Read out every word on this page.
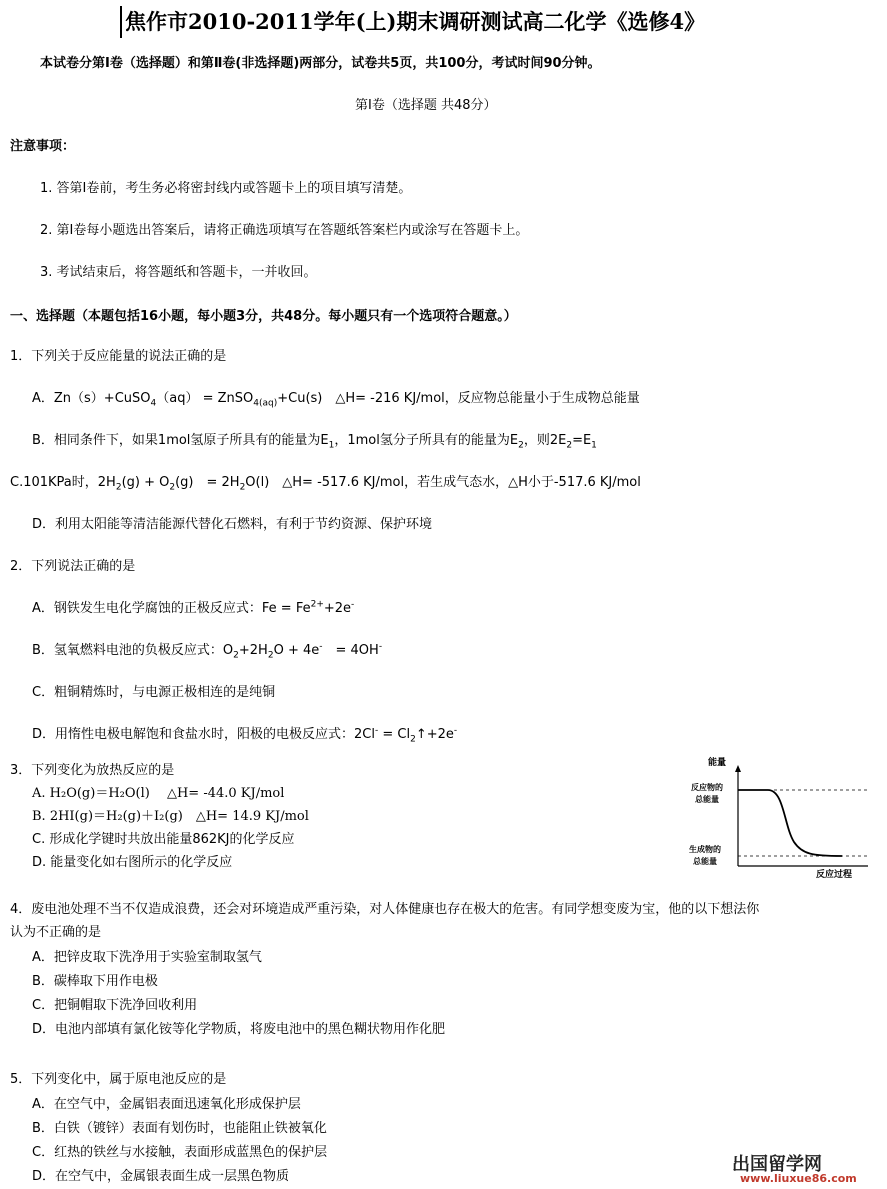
焦作市2010-2011学年(上)期末调研测试高二化学《选修4》
本试卷分第Ⅰ卷（选择题）和第Ⅱ卷(非选择题)两部分，试卷共5页，共100分，考试时间90分钟。
第Ⅰ卷（选择题 共48分）
注意事项：
1. 答第Ⅰ卷前，考生务必将密封线内或答题卡上的项目填写清楚。
2. 第Ⅰ卷每小题选出答案后，请将正确选项填写在答题纸答案栏内或涂写在答题卡上。
3. 考试结束后，将答题纸和答题卡，一并收回。
一、选择题（本题包括16小题，每小题3分，共48分。每小题只有一个选项符合题意。）
1．下列关于反应能量的说法正确的是
A．Zn（s）+CuSO$_4$（aq） = ZnSO$_{4(aq)}$+Cu(s)　△H= -216 KJ/mol，反应物总能量小于生成物总能量
B．相同条件下，如果1mol氢原子所具有的能量为$E_1$，1mol氢分子所具有的能量为$E_2$，则$2E_2=E_1$
C.101KPa时，$2H_2(g) + O_2(g)$　= $2H_2O(l)$　△H= -517.6 KJ/mol，若生成气态水，△H小于-517.6 KJ/mol
D．利用太阳能等清洁能源代替化石燃料，有利于节约资源、保护环境
2．下列说法正确的是
A．钢铁发生电化学腐蚀的正极反应式：$Fe = Fe^{2+}+2e^-$
B．氢氧燃料电池的负极反应式：$O_2+2H_2O + 4e^-$　= 4OH-
C．粗铜精炼时，与电源正极相连的是纯铜
D．用惰性电极电解饱和食盐水时，阳极的电极反应式：$2Cl^- = Cl_2↑+2e^-$
3．下列变化为放热反应的是
A. H₂O(g)＝H₂O(l)　 △H= -44.0 KJ/mol
B. 2HI(g)＝H₂(g)＋I₂(g)　△H= 14.9 KJ/mol
C. 形成化学键时共放出能量862KJ的化学反应
D. 能量变化如右图所示的化学反应
能量
反应物的
总能量
生成物的
总能量
反应过程
4．废电池处理不当不仅造成浪费，还会对环境造成严重污染，对人体健康也存在极大的危害。有同学想变废为宝，他的以下想法你
认为不正确的是
A．把锌皮取下洗净用于实验室制取氢气
B．碳棒取下用作电极
C．把铜帽取下洗净回收利用
D．电池内部填有氯化铵等化学物质，将废电池中的黑色糊状物用作化肥
5．下列变化中，属于原电池反应的是
A．在空气中，金属铝表面迅速氧化形成保护层
B．白铁（镀锌）表面有划伤时，也能阻止铁被氧化
C．红热的铁丝与水接触，表面形成蓝黑色的保护层
D．在空气中，金属银表面生成一层黑色物质
出国留学网
www.liuxue86.com
